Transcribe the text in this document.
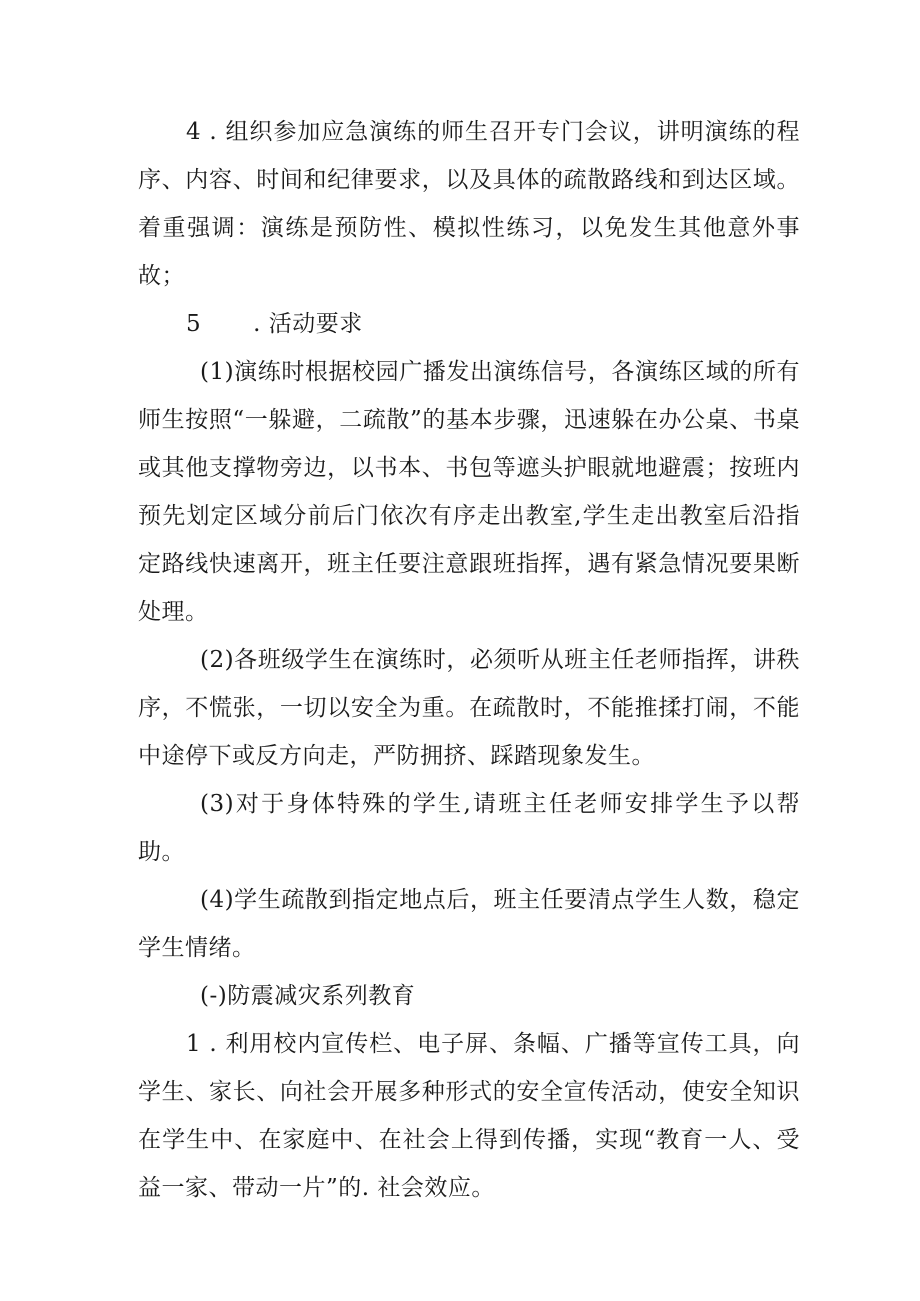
4 . 组织参加应急演练的师生召开专门会议，讲明演练的程序、内容、时间和纪律要求，以及具体的疏散路线和到达区域。着重强调：演练是预防性、模拟性练习，以免发生其他意外事故；

5 . 活动要求

(1)演练时根据校园广播发出演练信号，各演练区域的所有师生按照“一躲避，二疏散”的基本步骤，迅速躲在办公桌、书桌或其他支撑物旁边，以书本、书包等遮头护眼就地避震；按班内预先划定区域分前后门依次有序走出教室,学生走出教室后沿指定路线快速离开，班主任要注意跟班指挥，遇有紧急情况要果断处理。

(2)各班级学生在演练时，必须听从班主任老师指挥，讲秩序，不慌张，一切以安全为重。在疏散时，不能推揉打闹，不能中途停下或反方向走，严防拥挤、踩踏现象发生。

(3)对于身体特殊的学生,请班主任老师安排学生予以帮助。

(4)学生疏散到指定地点后，班主任要清点学生人数，稳定学生情绪。

(-)防震减灾系列教育

1 . 利用校内宣传栏、电子屏、条幅、广播等宣传工具，向学生、家长、向社会开展多种形式的安全宣传活动，使安全知识在学生中、在家庭中、在社会上得到传播，实现“教育一人、受益一家、带动一片”的. 社会效应。
